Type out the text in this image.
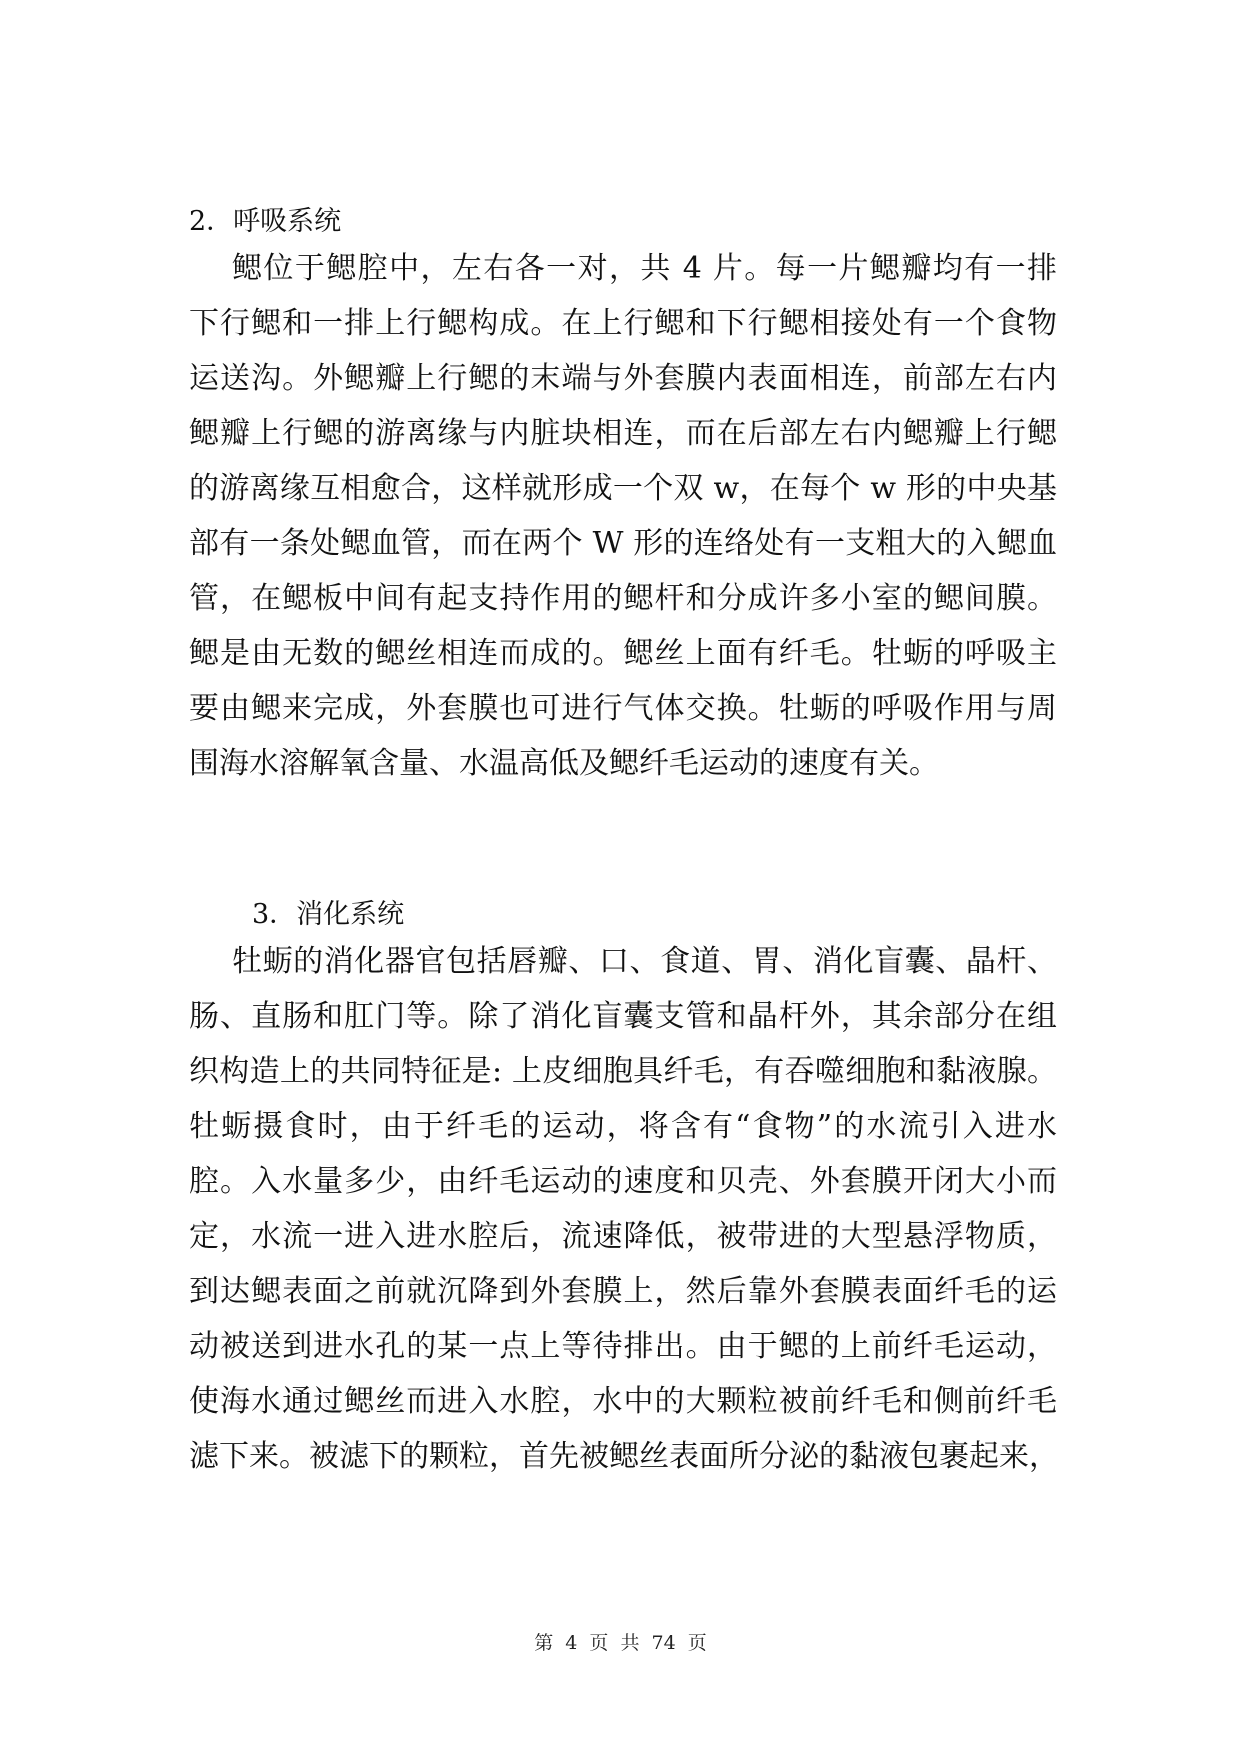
2．呼吸系统
鳃位于鳃腔中，左右各一对，共 4 片。每一片鳃瓣均有一排
下行鳃和一排上行鳃构成。在上行鳃和下行鳃相接处有一个食物
运送沟。外鳃瓣上行鳃的末端与外套膜内表面相连，前部左右内
鳃瓣上行鳃的游离缘与内脏块相连，而在后部左右内鳃瓣上行鳃
的游离缘互相愈合，这样就形成一个双 w，在每个 w 形的中央基
部有一条处鳃血管，而在两个 W 形的连络处有一支粗大的入鳃血
管，在鳃板中间有起支持作用的鳃杆和分成许多小室的鳃间膜。
鳃是由无数的鳃丝相连而成的。鳃丝上面有纤毛。牡蛎的呼吸主
要由鳃来完成，外套膜也可进行气体交换。牡蛎的呼吸作用与周
围海水溶解氧含量、水温高低及鳃纤毛运动的速度有关。
3．消化系统
牡蛎的消化器官包括唇瓣、口、食道、胃、消化盲囊、晶杆、
肠、直肠和肛门等。除了消化盲囊支管和晶杆外，其余部分在组
织构造上的共同特征是: 上皮细胞具纤毛，有吞噬细胞和黏液腺。
牡蛎摄食时，由于纤毛的运动，将含有“食物”的水流引入进水
腔。入水量多少，由纤毛运动的速度和贝壳、外套膜开闭大小而
定，水流一进入进水腔后，流速降低，被带进的大型悬浮物质，
到达鳃表面之前就沉降到外套膜上，然后靠外套膜表面纤毛的运
动被送到进水孔的某一点上等待排出。由于鳃的上前纤毛运动，
使海水通过鳃丝而进入水腔，水中的大颗粒被前纤毛和侧前纤毛
滤下来。被滤下的颗粒，首先被鳃丝表面所分泌的黏液包裹起来，
第 4 页 共 74 页
